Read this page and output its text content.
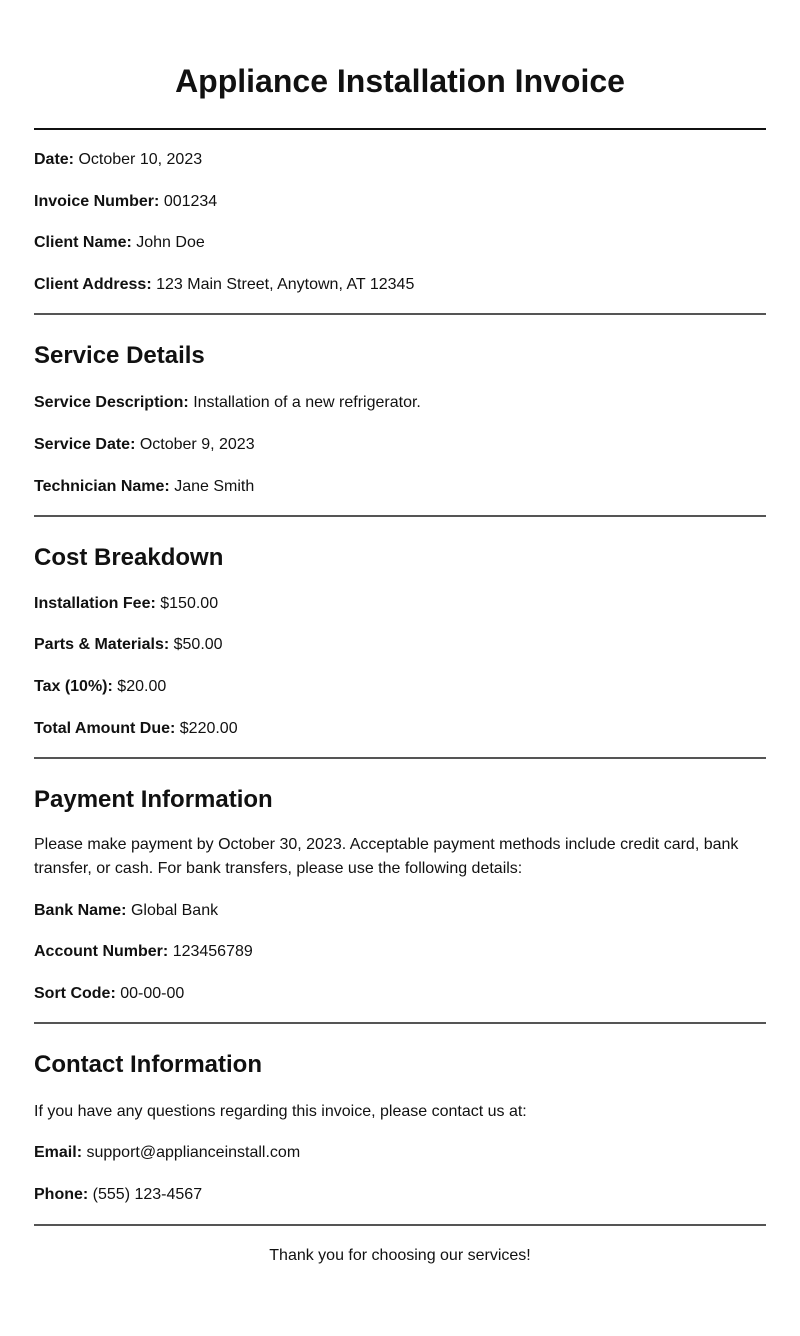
Appliance Installation Invoice

Date: October 10, 2023

Invoice Number: 001234

Client Name: John Doe

Client Address: 123 Main Street, Anytown, AT 12345

Service Details

Service Description: Installation of a new refrigerator.

Service Date: October 9, 2023

Technician Name: Jane Smith

Cost Breakdown

Installation Fee: $150.00

Parts & Materials: $50.00

Tax (10%): $20.00

Total Amount Due: $220.00

Payment Information

Please make payment by October 30, 2023. Acceptable payment methods include credit card, bank transfer, or cash. For bank transfers, please use the following details:

Bank Name: Global Bank

Account Number: 123456789

Sort Code: 00-00-00

Contact Information

If you have any questions regarding this invoice, please contact us at:

Email: support@applianceinstall.com

Phone: (555) 123-4567

Thank you for choosing our services!
